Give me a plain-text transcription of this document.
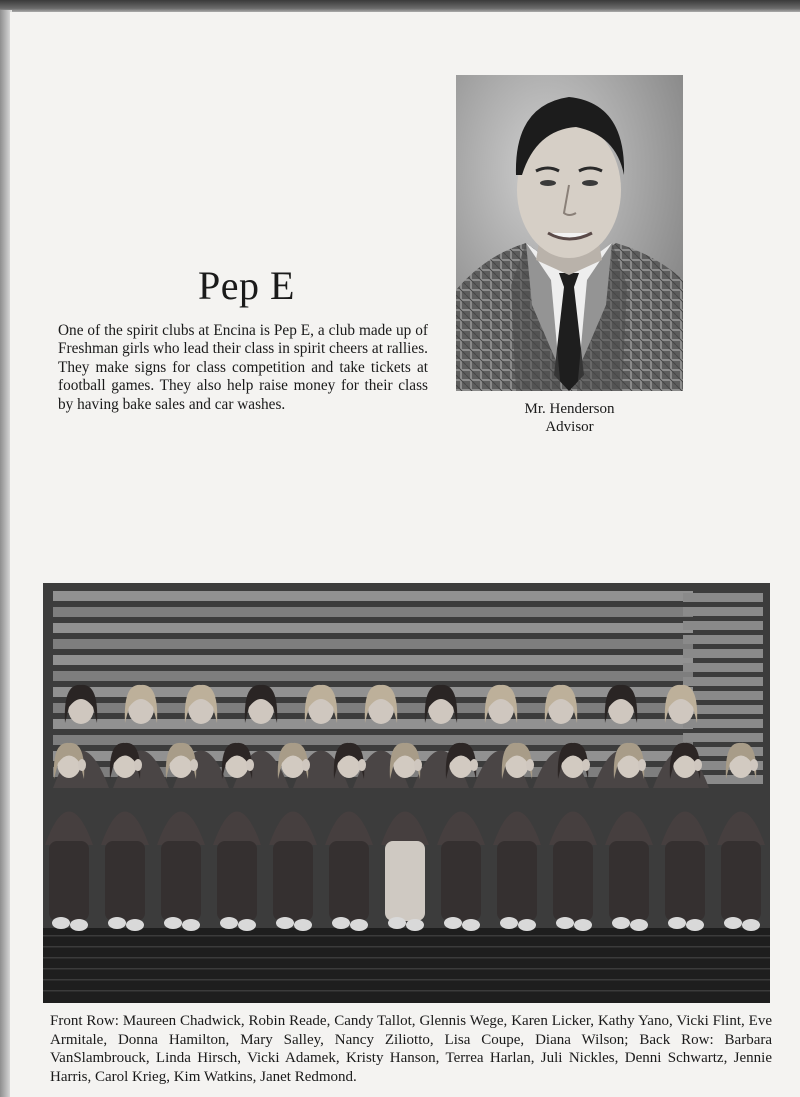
Pep E

One of the spirit clubs at Encina is Pep E, a club made up of Freshman girls who lead their class in spirit cheers at rallies. They make signs for class competition and take tickets at football games. They also help raise money for their class by having bake sales and car washes.	Mr. Henderson
Advisor

Front Row: Maureen Chadwick, Robin Reade, Candy Tallot, Glennis Wege, Karen Licker, Kathy Yano, Vicki Flint, Eve Armitale, Donna Hamilton, Mary Salley, Nancy Ziliotto, Lisa Coupe, Diana Wilson; Back Row: Barbara VanSlambrouck, Linda Hirsch, Vicki Adamek, Kristy Hanson, Terrea Harlan, Juli Nickles, Denni Schwartz, Jennie Harris, Carol Krieg, Kim Watkins, Janet Redmond.
